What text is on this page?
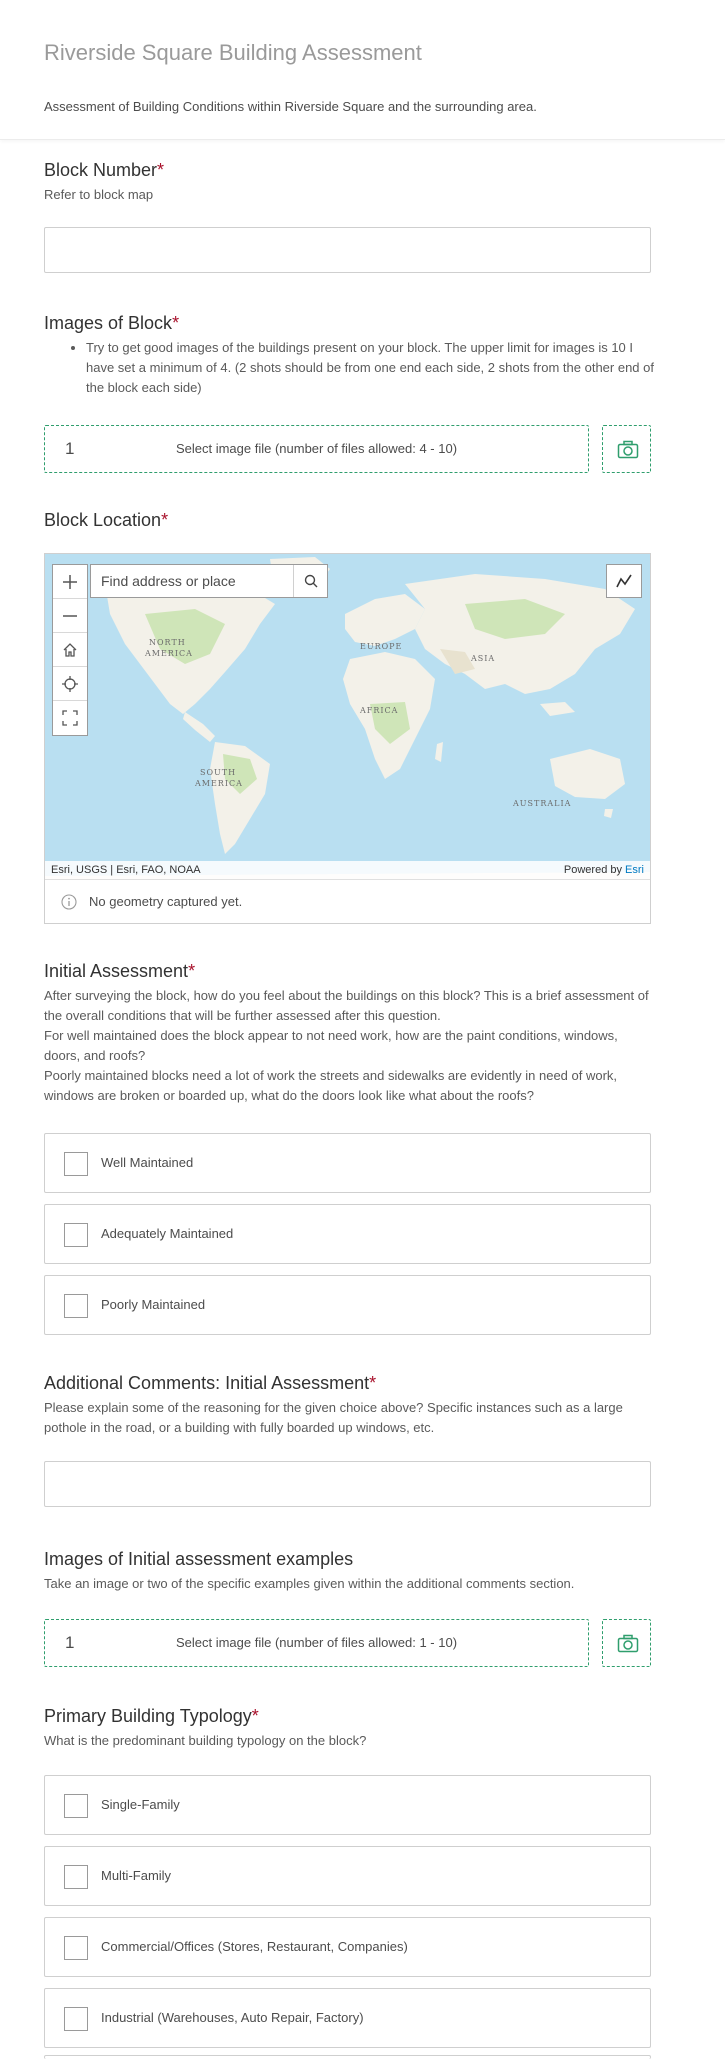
Riverside Square Building Assessment
Assessment of Building Conditions within Riverside Square and the surrounding area.
Block Number*
Refer to block map
Images of Block*
• Try to get good images of the buildings present on your block. The upper limit for images is 10 I have set a minimum of 4. (2 shots should be from one end each side, 2 shots from the other end of the block each side)
1	Select image file (number of files allowed: 4 - 10)
Block Location*
NORTH
AMERICA
EUROPE
ASIA
AFRICA
SOUTH
AMERICA
AUSTRALIA
Find address or place
Esri, USGS | Esri, FAO, NOAA	Powered by Esri
No geometry captured yet.
Initial Assessment*
After surveying the block, how do you feel about the buildings on this block? This is a brief assessment of the overall conditions that will be further assessed after this question.
For well maintained does the block appear to not need work, how are the paint conditions, windows, doors, and roofs?
Poorly maintained blocks need a lot of work the streets and sidewalks are evidently in need of work, windows are broken or boarded up, what do the doors look like what about the roofs?
Well Maintained
Adequately Maintained
Poorly Maintained
Additional Comments: Initial Assessment*
Please explain some of the reasoning for the given choice above? Specific instances such as a large pothole in the road, or a building with fully boarded up windows, etc.
Images of Initial assessment examples
Take an image or two of the specific examples given within the additional comments section.
1	Select image file (number of files allowed: 1 - 10)
Primary Building Typology*
What is the predominant building typology on the block?
Single-Family
Multi-Family
Commercial/Offices (Stores, Restaurant, Companies)
Industrial (Warehouses, Auto Repair, Factory)
